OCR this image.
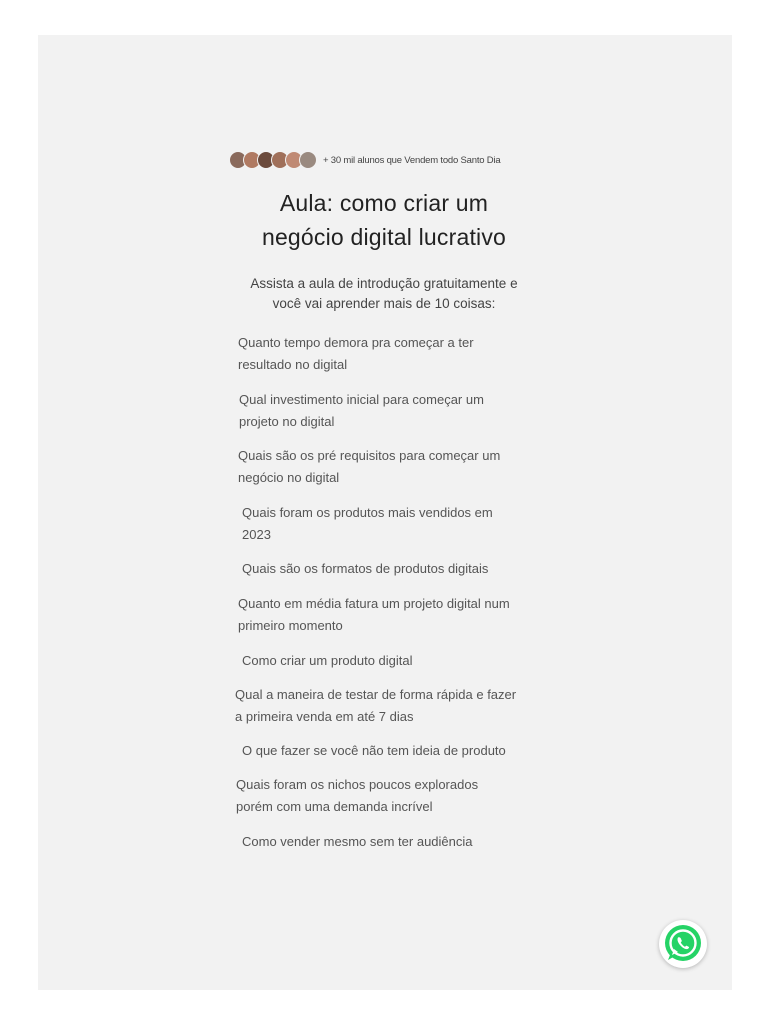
+ 30 mil alunos que Vendem todo Santo Dia
Aula: como criar um
negócio digital lucrativo
Assista a aula de introdução gratuitamente e
você vai aprender mais de 10 coisas:
Quanto tempo demora pra começar a ter
resultado no digital
Qual investimento inicial para começar um
projeto no digital
Quais são os pré requisitos para começar um
negócio no digital
Quais foram os produtos mais vendidos em
2023
Quais são os formatos de produtos digitais
Quanto em média fatura um projeto digital num
primeiro momento
Como criar um produto digital
Qual a maneira de testar de forma rápida e fazer
a primeira venda em até 7 dias
O que fazer se você não tem ideia de produto
Quais foram os nichos poucos explorados
porém com uma demanda incrível
Como vender mesmo sem ter audiência
